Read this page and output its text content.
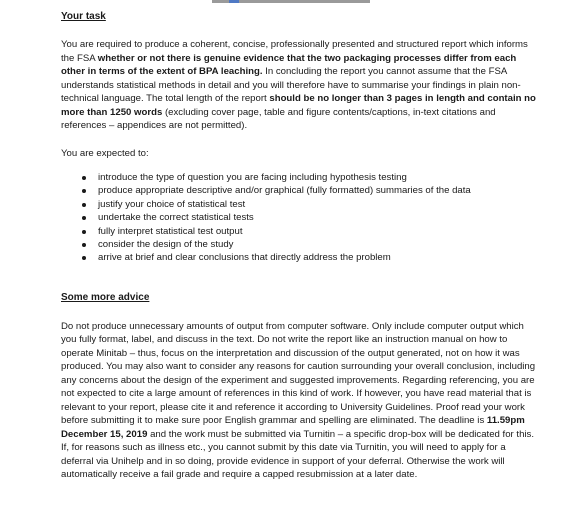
Your task

You are required to produce a coherent, concise, professionally presented and structured report which informs the FSA whether or not there is genuine evidence that the two packaging processes differ from each other in terms of the extent of BPA leaching. In concluding the report you cannot assume that the FSA understands statistical methods in detail and you will therefore have to summarise your findings in plain non-technical language. The total length of the report should be no longer than 3 pages in length and contain no more than 1250 words (excluding cover page, table and figure contents/captions, in-text citations and references – appendices are not permitted).

You are expected to:

introduce the type of question you are facing including hypothesis testing
produce appropriate descriptive and/or graphical (fully formatted) summaries of the data
justify your choice of statistical test
undertake the correct statistical tests
fully interpret statistical test output
consider the design of the study
arrive at brief and clear conclusions that directly address the problem
Some more advice

Do not produce unnecessary amounts of output from computer software. Only include computer output which you fully format, label, and discuss in the text. Do not write the report like an instruction manual on how to operate Minitab – thus, focus on the interpretation and discussion of the output generated, not on how it was produced. You may also want to consider any reasons for caution surrounding your overall conclusion, including any concerns about the design of the experiment and suggested improvements. Regarding referencing, you are not expected to cite a large amount of references in this kind of work. If however, you have read material that is relevant to your report, please cite it and reference it according to University Guidelines. Proof read your work before submitting it to make sure poor English grammar and spelling are eliminated. The deadline is 11.59pm December 15, 2019 and the work must be submitted via Turnitin – a specific drop-box will be dedicated for this. If, for reasons such as illness etc., you cannot submit by this date via Turnitin, you will need to apply for a deferral via Unihelp and in so doing, provide evidence in support of your deferral. Otherwise the work will automatically receive a fail grade and require a capped resubmission at a later date.
